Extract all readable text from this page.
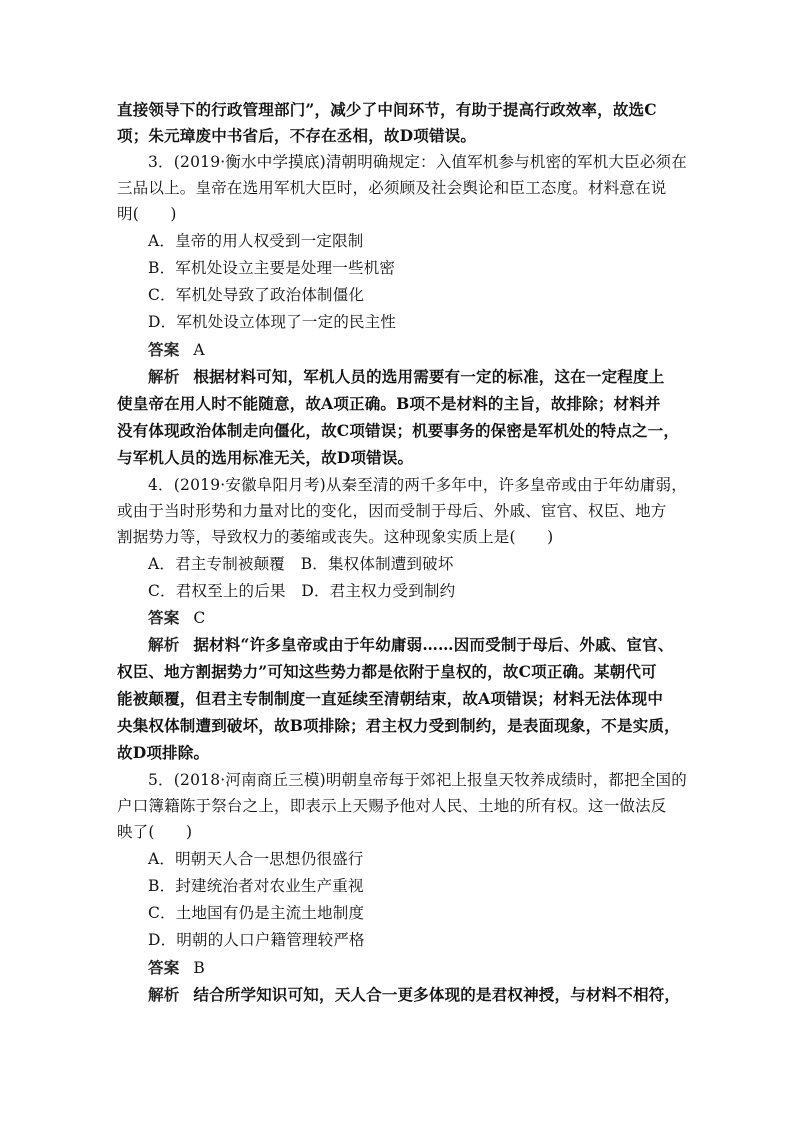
直接领导下的行政管理部门”，减少了中间环节，有助于提高行政效率，故选C
项；朱元璋废中书省后，不存在丞相，故D项错误。
3．(2019·衡水中学摸底)清朝明确规定：入值军机参与机密的军机大臣必须在
三品以上。皇帝在选用军机大臣时，必须顾及社会舆论和臣工态度。材料意在说
明(　　)
A．皇帝的用人权受到一定限制
B．军机处设立主要是处理一些机密
C．军机处导致了政治体制僵化
D．军机处设立体现了一定的民主性
答案 A
解析 根据材料可知，军机人员的选用需要有一定的标准，这在一定程度上
使皇帝在用人时不能随意，故A项正确。B项不是材料的主旨，故排除；材料并
没有体现政治体制走向僵化，故C项错误；机要事务的保密是军机处的特点之一，
与军机人员的选用标准无关，故D项错误。
4．(2019·安徽阜阳月考)从秦至清的两千多年中，许多皇帝或由于年幼庸弱，
或由于当时形势和力量对比的变化，因而受制于母后、外戚、宦官、权臣、地方
割据势力等，导致权力的萎缩或丧失。这种现象实质上是(　　)
A．君主专制被颠覆　B．集权体制遭到破坏
C．君权至上的后果　D．君主权力受到制约
答案 C
解析 据材料“许多皇帝或由于年幼庸弱……因而受制于母后、外戚、宦官、
权臣、地方割据势力”可知这些势力都是依附于皇权的，故C项正确。某朝代可
能被颠覆，但君主专制制度一直延续至清朝结束，故A项错误；材料无法体现中
央集权体制遭到破坏，故B项排除；君主权力受到制约，是表面现象，不是实质，
故D项排除。
5．(2018·河南商丘三模)明朝皇帝每于郊祀上报皇天牧养成绩时，都把全国的
户口簿籍陈于祭台之上，即表示上天赐予他对人民、土地的所有权。这一做法反
映了(　　)
A．明朝天人合一思想仍很盛行
B．封建统治者对农业生产重视
C．土地国有仍是主流土地制度
D．明朝的人口户籍管理较严格
答案 B
解析 结合所学知识可知，天人合一更多体现的是君权神授，与材料不相符，
